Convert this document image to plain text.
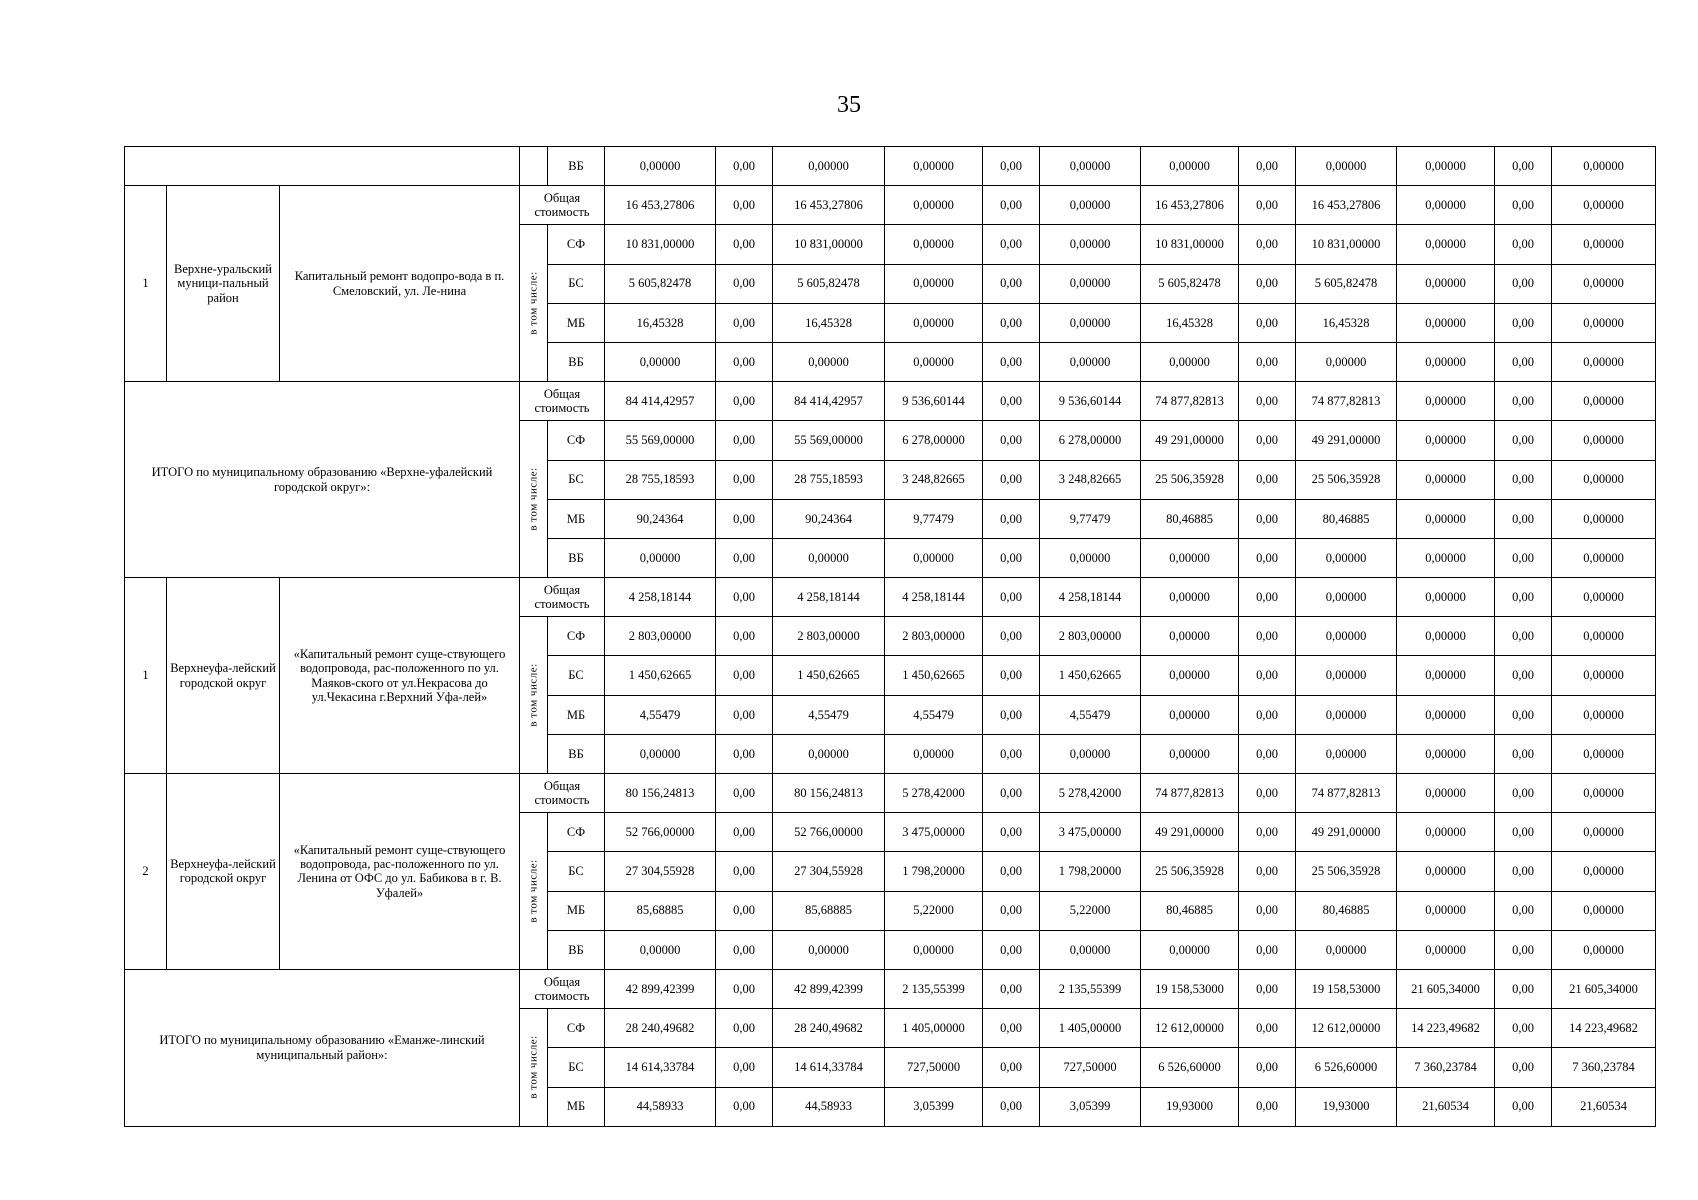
35
				ВБ	0,00000	0,00	0,00000	0,00000	0,00	0,00000	0,00000	0,00	0,00000	0,00000	0,00	0,00000
1	Верхне-уральский муници-пальный район	Капитальный ремонт водопро-вода в п. Смеловский, ул. Ле-нина	Общая стоимость		16 453,27806	0,00	16 453,27806	0,00000	0,00	0,00000	16 453,27806	0,00	16 453,27806	0,00000	0,00	0,00000

			в том числе:	СФ	10 831,00000	0,00	10 831,00000	0,00000	0,00	0,00000	10 831,00000	0,00	10 831,00000	0,00000	0,00	0,00000
				БС	5 605,82478	0,00	5 605,82478	0,00000	0,00	0,00000	5 605,82478	0,00	5 605,82478	0,00000	0,00	0,00000
				МБ	16,45328	0,00	16,45328	0,00000	0,00	0,00000	16,45328	0,00	16,45328	0,00000	0,00	0,00000
				ВБ	0,00000	0,00	0,00000	0,00000	0,00	0,00000	0,00000	0,00	0,00000	0,00000	0,00	0,00000
ИТОГО по муниципальному образованию «Верхне-уфалейский городской округ»:			Общая стоимость		84 414,42957	0,00	84 414,42957	9 536,60144	0,00	9 536,60144	74 877,82813	0,00	74 877,82813	0,00000	0,00	0,00000

			в том числе:	СФ	55 569,00000	0,00	55 569,00000	6 278,00000	0,00	6 278,00000	49 291,00000	0,00	49 291,00000	0,00000	0,00	0,00000
				БС	28 755,18593	0,00	28 755,18593	3 248,82665	0,00	3 248,82665	25 506,35928	0,00	25 506,35928	0,00000	0,00	0,00000
				МБ	90,24364	0,00	90,24364	9,77479	0,00	9,77479	80,46885	0,00	80,46885	0,00000	0,00	0,00000
				ВБ	0,00000	0,00	0,00000	0,00000	0,00	0,00000	0,00000	0,00	0,00000	0,00000	0,00	0,00000
1	Верхнеуфа-лейский городской округ	«Капитальный ремонт суще-ствующего водопровода, рас-положенного по ул. Маяков-ского от ул.Некрасова до ул.Чекасина г.Верхний Уфа-лей»	Общая стоимость		4 258,18144	0,00	4 258,18144	4 258,18144	0,00	4 258,18144	0,00000	0,00	0,00000	0,00000	0,00	0,00000

			в том числе:	СФ	2 803,00000	0,00	2 803,00000	2 803,00000	0,00	2 803,00000	0,00000	0,00	0,00000	0,00000	0,00	0,00000
				БС	1 450,62665	0,00	1 450,62665	1 450,62665	0,00	1 450,62665	0,00000	0,00	0,00000	0,00000	0,00	0,00000
				МБ	4,55479	0,00	4,55479	4,55479	0,00	4,55479	0,00000	0,00	0,00000	0,00000	0,00	0,00000
				ВБ	0,00000	0,00	0,00000	0,00000	0,00	0,00000	0,00000	0,00	0,00000	0,00000	0,00	0,00000
2	Верхнеуфа-лейский городской округ	«Капитальный ремонт суще-ствующего водопровода, рас-положенного по ул. Ленина от ОФС до ул. Бабикова в г. В. Уфалей»	Общая стоимость		80 156,24813	0,00	80 156,24813	5 278,42000	0,00	5 278,42000	74 877,82813	0,00	74 877,82813	0,00000	0,00	0,00000

			в том числе:	СФ	52 766,00000	0,00	52 766,00000	3 475,00000	0,00	3 475,00000	49 291,00000	0,00	49 291,00000	0,00000	0,00	0,00000
				БС	27 304,55928	0,00	27 304,55928	1 798,20000	0,00	1 798,20000	25 506,35928	0,00	25 506,35928	0,00000	0,00	0,00000
				МБ	85,68885	0,00	85,68885	5,22000	0,00	5,22000	80,46885	0,00	80,46885	0,00000	0,00	0,00000
				ВБ	0,00000	0,00	0,00000	0,00000	0,00	0,00000	0,00000	0,00	0,00000	0,00000	0,00	0,00000
ИТОГО по муниципальному образованию «Еманже-линский муниципальный район»:			Общая стоимость		42 899,42399	0,00	42 899,42399	2 135,55399	0,00	2 135,55399	19 158,53000	0,00	19 158,53000	21 605,34000	0,00	21 605,34000

			в том числе:	СФ	28 240,49682	0,00	28 240,49682	1 405,00000	0,00	1 405,00000	12 612,00000	0,00	12 612,00000	14 223,49682	0,00	14 223,49682
				БС	14 614,33784	0,00	14 614,33784	727,50000	0,00	727,50000	6 526,60000	0,00	6 526,60000	7 360,23784	0,00	7 360,23784
				МБ	44,58933	0,00	44,58933	3,05399	0,00	3,05399	19,93000	0,00	19,93000	21,60534	0,00	21,60534
